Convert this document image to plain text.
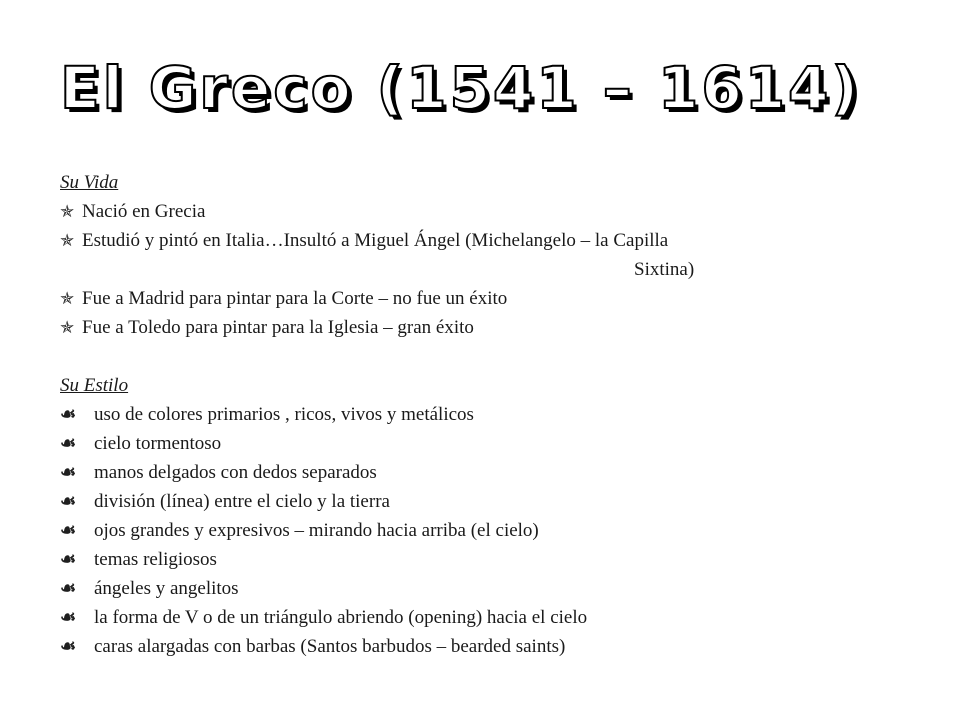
El Greco (1541 – 1614)
Su Vida
✯ Nació en Grecia
✯ Estudió y pintó en Italia…Insultó a Miguel Ángel (Michelangelo – la Capilla
Sixtina)
✯ Fue a Madrid para pintar para la Corte – no fue un éxito
✯ Fue a Toledo para pintar para la Iglesia – gran éxito
Su Estilo
☙ uso de colores primarios , ricos, vivos y metálicos
☙ cielo tormentoso
☙ manos delgados con dedos separados
☙ división (línea) entre el cielo y la tierra
☙ ojos grandes y expresivos – mirando hacia arriba (el cielo)
☙ temas religiosos
☙ ángeles y angelitos
☙ la forma de V o de un triángulo abriendo (opening) hacia el cielo
☙ caras alargadas con barbas (Santos barbudos – bearded saints)
